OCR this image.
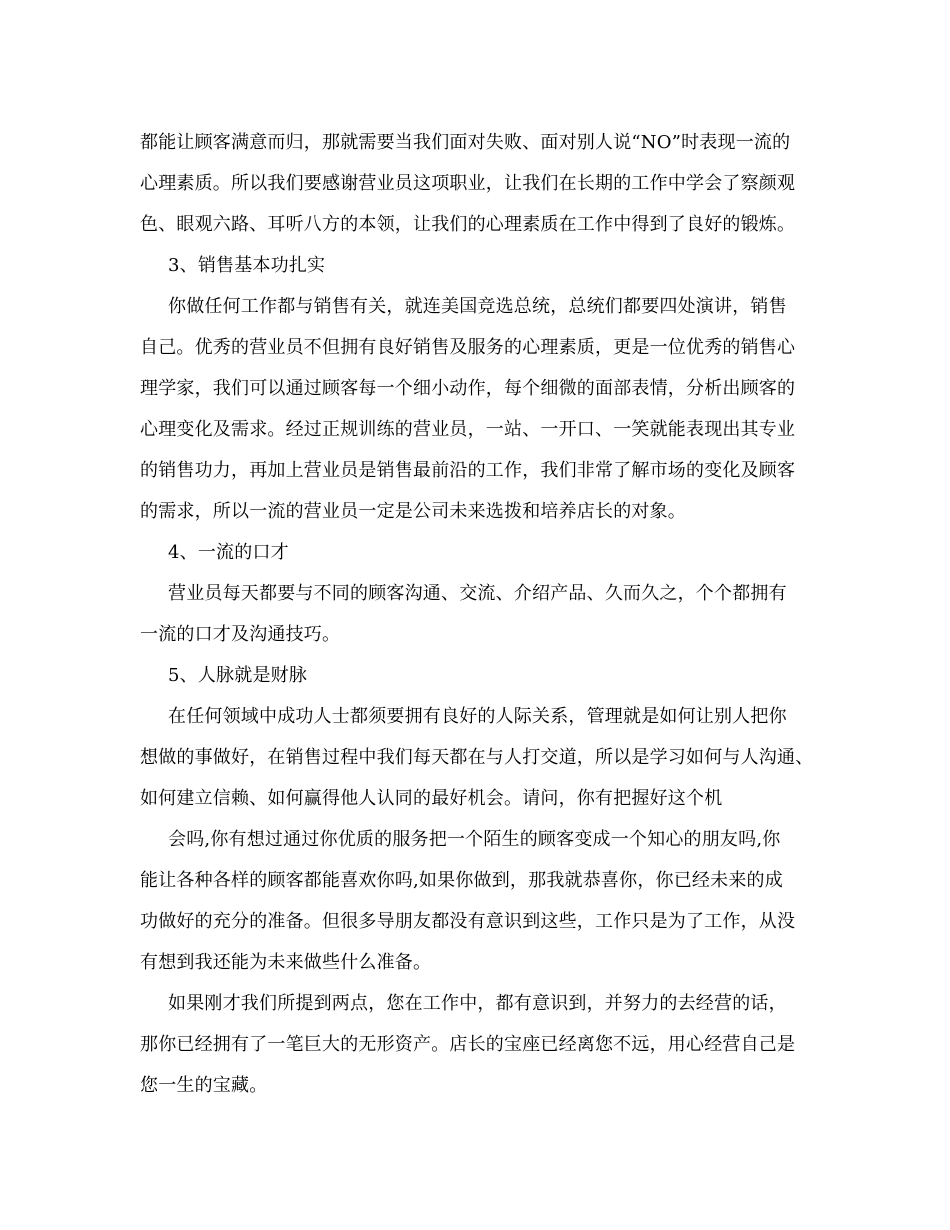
都能让顾客满意而归，那就需要当我们面对失败、面对别人说“NO”时表现一流的
心理素质。所以我们要感谢营业员这项职业，让我们在长期的工作中学会了察颜观
色、眼观六路、耳听八方的本领，让我们的心理素质在工作中得到了良好的锻炼。
3、销售基本功扎实
你做任何工作都与销售有关，就连美国竞选总统，总统们都要四处演讲，销售
自己。优秀的营业员不但拥有良好销售及服务的心理素质，更是一位优秀的销售心
理学家，我们可以通过顾客每一个细小动作，每个细微的面部表情，分析出顾客的
心理变化及需求。经过正规训练的营业员，一站、一开口、一笑就能表现出其专业
的销售功力，再加上营业员是销售最前沿的工作，我们非常了解市场的变化及顾客
的需求，所以一流的营业员一定是公司未来选拨和培养店长的对象。
4、一流的口才
营业员每天都要与不同的顾客沟通、交流、介绍产品、久而久之，个个都拥有
一流的口才及沟通技巧。
5、人脉就是财脉
在任何领域中成功人士都须要拥有良好的人际关系，管理就是如何让别人把你
想做的事做好，在销售过程中我们每天都在与人打交道，所以是学习如何与人沟通、
如何建立信赖、如何赢得他人认同的最好机会。请问，你有把握好这个机
会吗,你有想过通过你优质的服务把一个陌生的顾客变成一个知心的朋友吗,你
能让各种各样的顾客都能喜欢你吗,如果你做到，那我就恭喜你，你已经未来的成
功做好的充分的准备。但很多导朋友都没有意识到这些，工作只是为了工作，从没
有想到我还能为未来做些什么准备。
如果刚才我们所提到两点，您在工作中，都有意识到，并努力的去经营的话，
那你已经拥有了一笔巨大的无形资产。店长的宝座已经离您不远，用心经营自己是
您一生的宝藏。
